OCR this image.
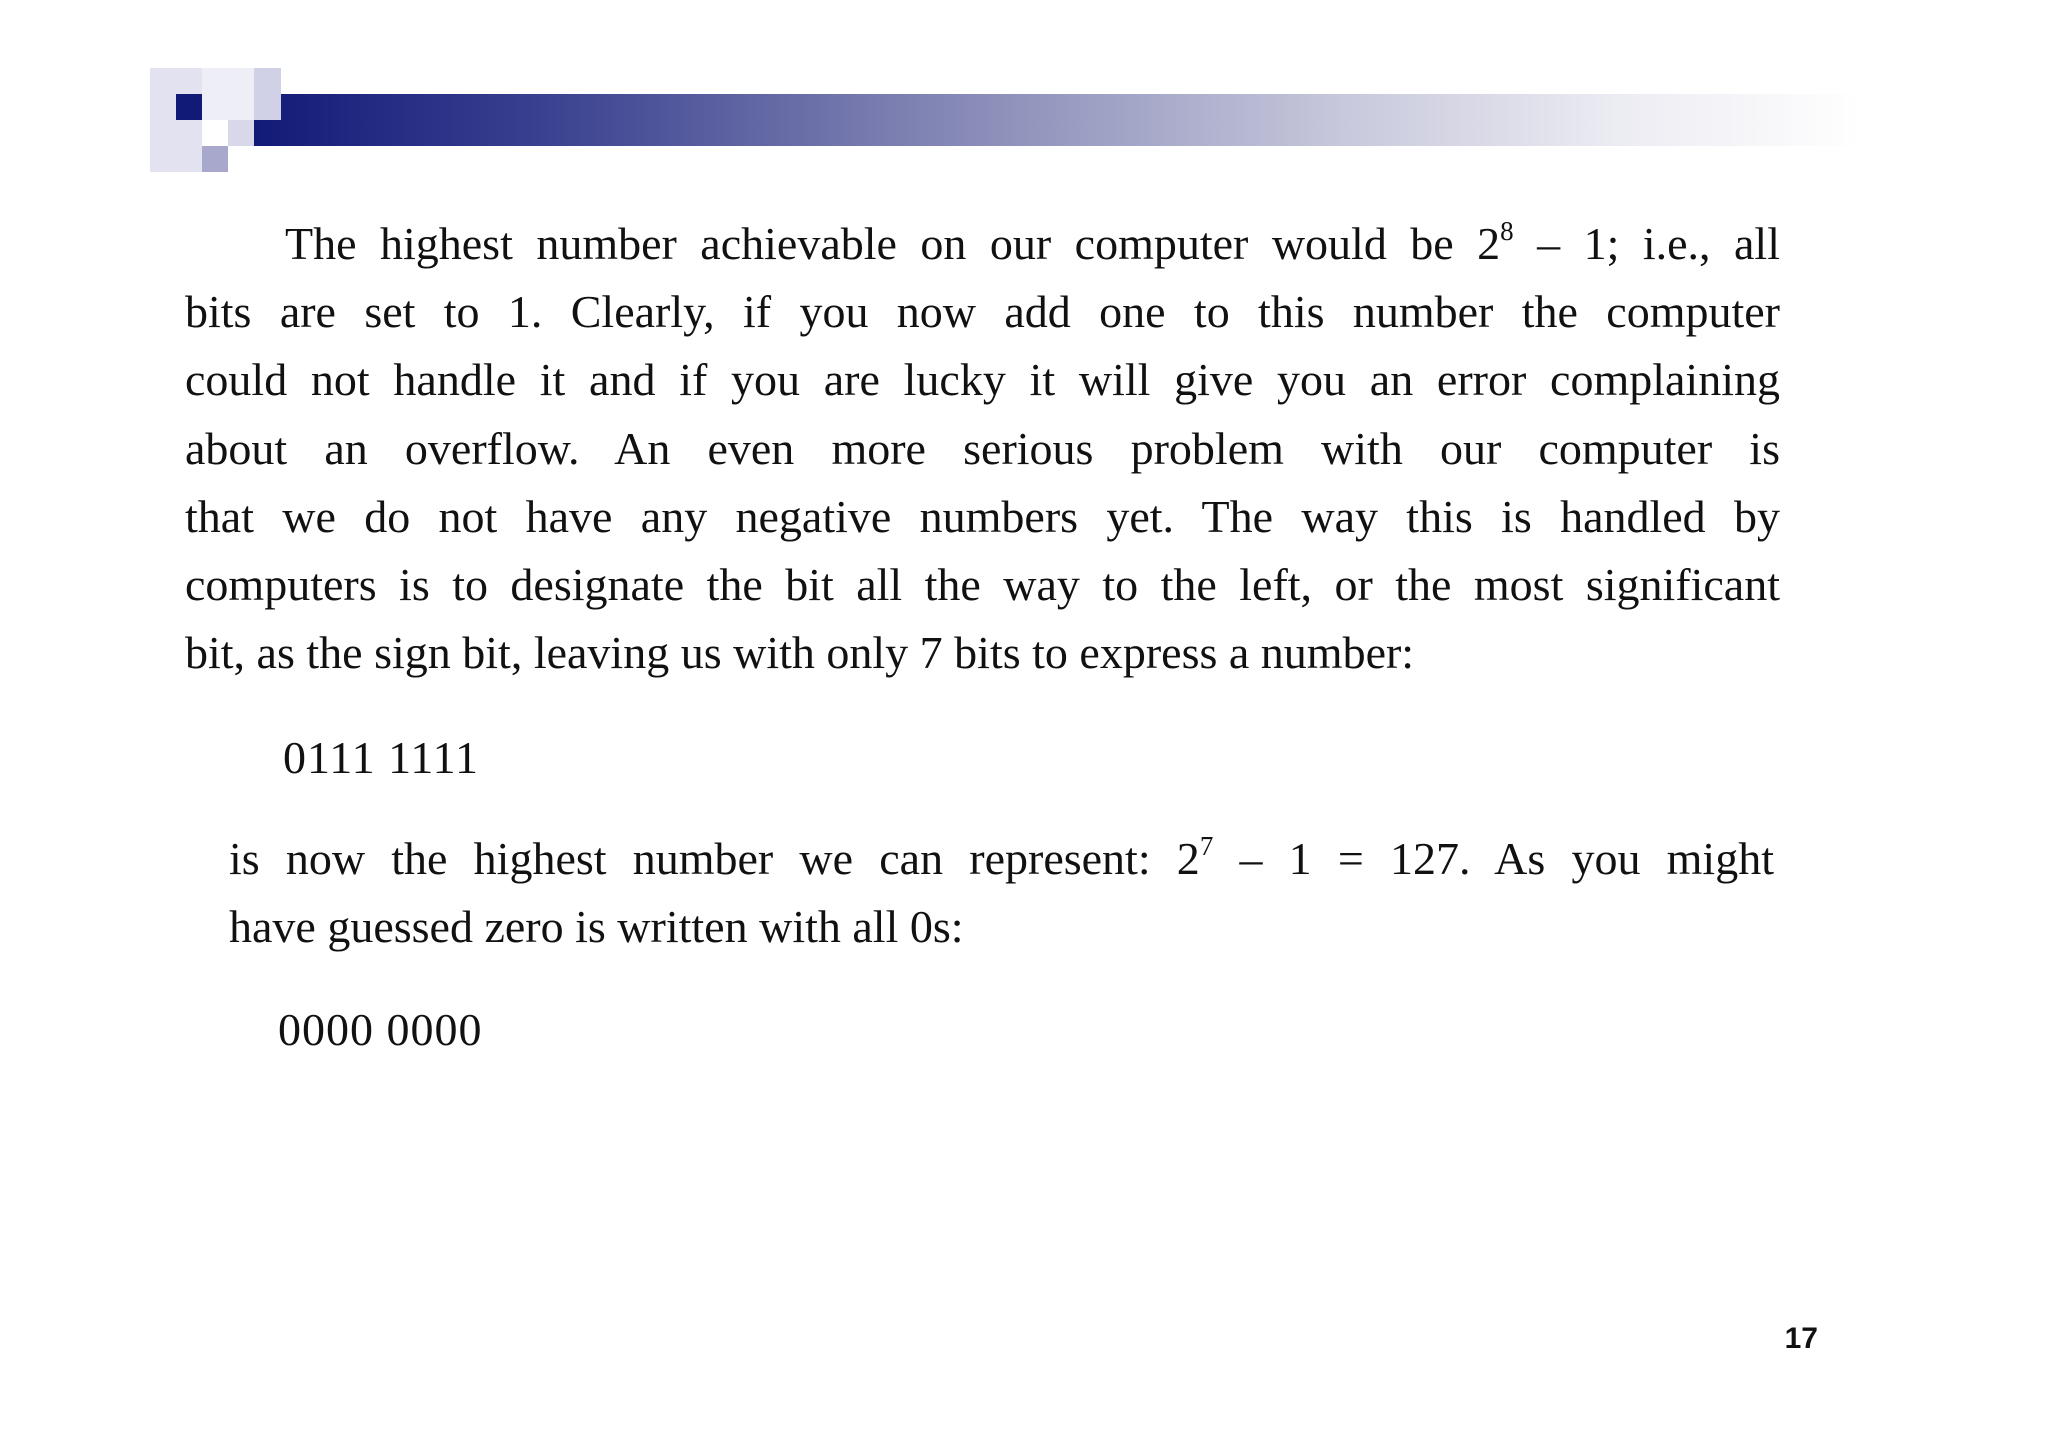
The highest number achievable on our computer would be $2^8 - 1$; i.e., all
bits are set to 1. Clearly, if you now add one to this number the computer
could not handle it and if you are lucky it will give you an error complaining
about an overflow. An even more serious problem with our computer is
that we do not have any negative numbers yet. The way this is handled by
computers is to designate the bit all the way to the left, or the most significant
bit, as the sign bit, leaving us with only 7 bits to express a number:
0111 1111
is now the highest number we can represent: $2^7 - 1 = 127$. As you might
have guessed zero is written with all 0s:
0000 0000
17
